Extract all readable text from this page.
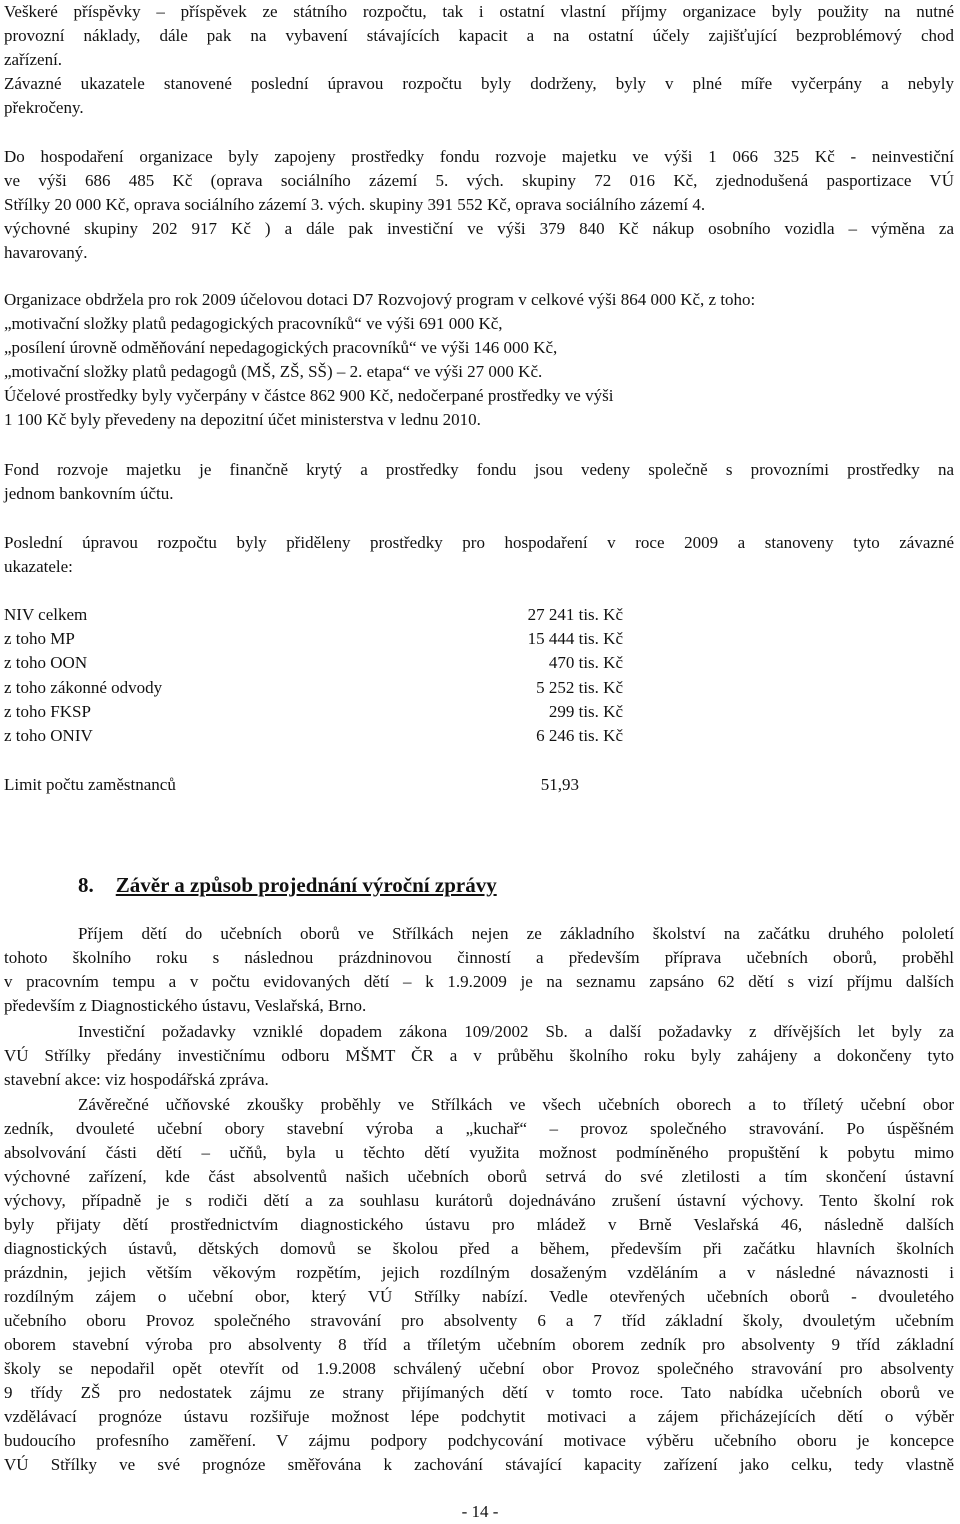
Veškeré příspěvky – příspěvek ze státního rozpočtu, tak i ostatní vlastní příjmy organizace byly použity na nutné
provozní náklady, dále pak na vybavení stávajících kapacit a na ostatní účely zajišťující bezproblémový chod
zařízení.
Závazné ukazatele stanovené poslední úpravou rozpočtu byly dodrženy, byly v plné míře vyčerpány a nebyly
překročeny.
Do hospodaření organizace byly zapojeny prostředky fondu rozvoje majetku ve výši 1 066 325 Kč - neinvestiční
ve výši 686 485 Kč (oprava sociálního zázemí 5. vých. skupiny 72 016 Kč, zjednodušená pasportizace VÚ
Střílky 20 000 Kč, oprava sociálního zázemí 3. vých. skupiny 391 552 Kč, oprava sociálního zázemí 4.
výchovné skupiny 202 917 Kč ) a dále pak investiční ve výši 379 840 Kč nákup osobního vozidla – výměna za
havarovaný.
Organizace obdržela pro rok 2009 účelovou dotaci D7 Rozvojový program v celkové výši 864 000 Kč, z toho:
„motivační složky platů pedagogických pracovníků“ ve výši 691 000 Kč,
„posílení úrovně odměňování nepedagogických pracovníků“ ve výši 146 000 Kč,
„motivační složky platů pedagogů (MŠ, ZŠ, SŠ) – 2. etapa“ ve výši 27 000 Kč.
Účelové prostředky byly vyčerpány v částce 862 900 Kč, nedočerpané prostředky ve výši
1 100 Kč byly převedeny na depozitní účet ministerstva v lednu 2010.
Fond rozvoje majetku je finančně krytý a prostředky fondu jsou vedeny společně s provozními prostředky na
jednom bankovním účtu.
Poslední úpravou rozpočtu byly přiděleny prostředky pro hospodaření v roce 2009 a stanoveny tyto závazné
ukazatele:
NIV celkem	27 241 tis. Kč
z toho MP	15 444 tis. Kč
z toho OON	470 tis. Kč
z toho zákonné odvody	5 252 tis. Kč
z toho FKSP	299 tis. Kč
z toho ONIV	6 246 tis. Kč
Limit počtu zaměstnanců	51,93
8. Závěr a způsob projednání výroční zprávy
Příjem dětí do učebních oborů ve Střílkách nejen ze základního školství na začátku druhého pololetí
tohoto školního roku s následnou prázdninovou činností a především příprava učebních oborů, proběhl
v pracovním tempu a v počtu evidovaných dětí – k 1.9.2009 je na seznamu zapsáno 62 dětí s vizí příjmu dalších
především z Diagnostického ústavu, Veslařská, Brno.
Investiční požadavky vzniklé dopadem zákona 109/2002 Sb. a další požadavky z dřívějších let byly za
VÚ Střílky předány investičnímu odboru MŠMT ČR a v průběhu školního roku byly zahájeny a dokončeny tyto
stavební akce: viz hospodářská zpráva.
Závěrečné učňovské zkoušky proběhly ve Střílkách ve všech učebních oborech a to tříletý učební obor
zedník, dvouleté učební obory stavební výroba a „kuchař“ – provoz společného stravování. Po úspěšném
absolvování části dětí – učňů, byla u těchto dětí využita možnost podmíněného propuštění k pobytu mimo
výchovné zařízení, kde část absolventů našich učebních oborů setrvá do své zletilosti a tím skončení ústavní
výchovy, případně je s rodiči dětí a za souhlasu kurátorů dojednáváno zrušení ústavní výchovy. Tento školní rok
byly přijaty dětí prostřednictvím diagnostického ústavu pro mládež v Brně Veslařská 46, následně dalších
diagnostických ústavů, dětských domovů se školou před a během, především při začátku hlavních školních
prázdnin, jejich větším věkovým rozpětím, jejich rozdílným dosaženým vzděláním a v následné návaznosti i
rozdílným zájem o učební obor, který VÚ Střílky nabízí. Vedle otevřených učebních oborů - dvouletého
učebního oboru Provoz společného stravování pro absolventy 6 a 7 tříd základní školy, dvouletým učebním
oborem stavební výroba pro absolventy 8 tříd a tříletým učebním oborem zedník pro absolventy 9 tříd základní
školy se nepodařil opět otevřít od 1.9.2008 schválený učební obor Provoz společného stravování pro absolventy
9 třídy ZŠ pro nedostatek zájmu ze strany přijímaných dětí v tomto roce. Tato nabídka učebních oborů ve
vzdělávací prognóze ústavu rozšiřuje možnost lépe podchytit motivaci a zájem přicházejících dětí o výběr
budoucího profesního zaměření. V zájmu podpory podchycování motivace výběru učebního oboru je koncepce
VÚ Střílky ve své prognóze směřována k zachování stávající kapacity zařízení jako celku, tedy vlastně
- 14 -
